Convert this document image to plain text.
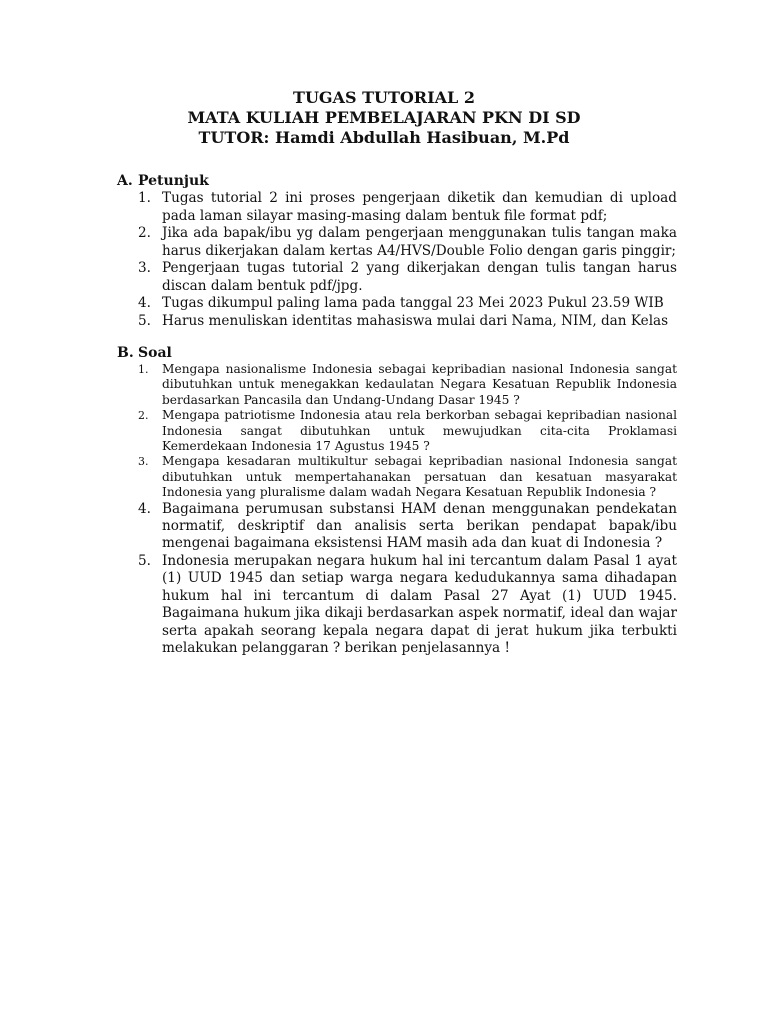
TUGAS TUTORIAL 2
MATA KULIAH PEMBELAJARAN PKN DI SD
TUTOR: Hamdi Abdullah Hasibuan, M.Pd
A. Petunjuk
1. Tugas tutorial 2 ini proses pengerjaan diketik dan kemudian di upload pada laman silayar masing-masing dalam bentuk file format pdf;
2. Jika ada bapak/ibu yg dalam pengerjaan menggunakan tulis tangan maka harus dikerjakan dalam kertas A4/HVS/Double Folio dengan garis pinggir;
3. Pengerjaan tugas tutorial 2 yang dikerjakan dengan tulis tangan harus discan dalam bentuk pdf/jpg.
4. Tugas dikumpul paling lama pada tanggal 23 Mei 2023 Pukul 23.59 WIB
5. Harus menuliskan identitas mahasiswa mulai dari Nama, NIM, dan Kelas
B. Soal
1.	Mengapa nasionalisme Indonesia sebagai kepribadian nasional Indonesia sangat dibutuhkan untuk menegakkan kedaulatan Negara Kesatuan Republik Indonesia berdasarkan Pancasila dan Undang-Undang Dasar 1945 ?
2.	Mengapa patriotisme Indonesia atau rela berkorban sebagai kepribadian nasional Indonesia sangat dibutuhkan untuk mewujudkan cita-cita Proklamasi Kemerdekaan Indonesia 17 Agustus 1945 ?
3.	Mengapa kesadaran multikultur sebagai kepribadian nasional Indonesia sangat dibutuhkan untuk mempertahanakan persatuan dan kesatuan masyarakat Indonesia yang pluralisme dalam wadah Negara Kesatuan Republik Indonesia ?
4. Bagaimana perumusan substansi HAM denan menggunakan pendekatan normatif, deskriptif dan analisis serta berikan pendapat bapak/ibu mengenai bagaimana eksistensi HAM masih ada dan kuat di Indonesia ?
5. Indonesia merupakan negara hukum hal ini tercantum dalam Pasal 1 ayat (1) UUD 1945 dan setiap warga negara kedudukannya sama dihadapan hukum hal ini tercantum di dalam Pasal 27 Ayat (1) UUD 1945. Bagaimana hukum jika dikaji berdasarkan aspek normatif, ideal dan wajar serta apakah seorang kepala negara dapat di jerat hukum jika terbukti melakukan pelanggaran ? berikan penjelasannya !
